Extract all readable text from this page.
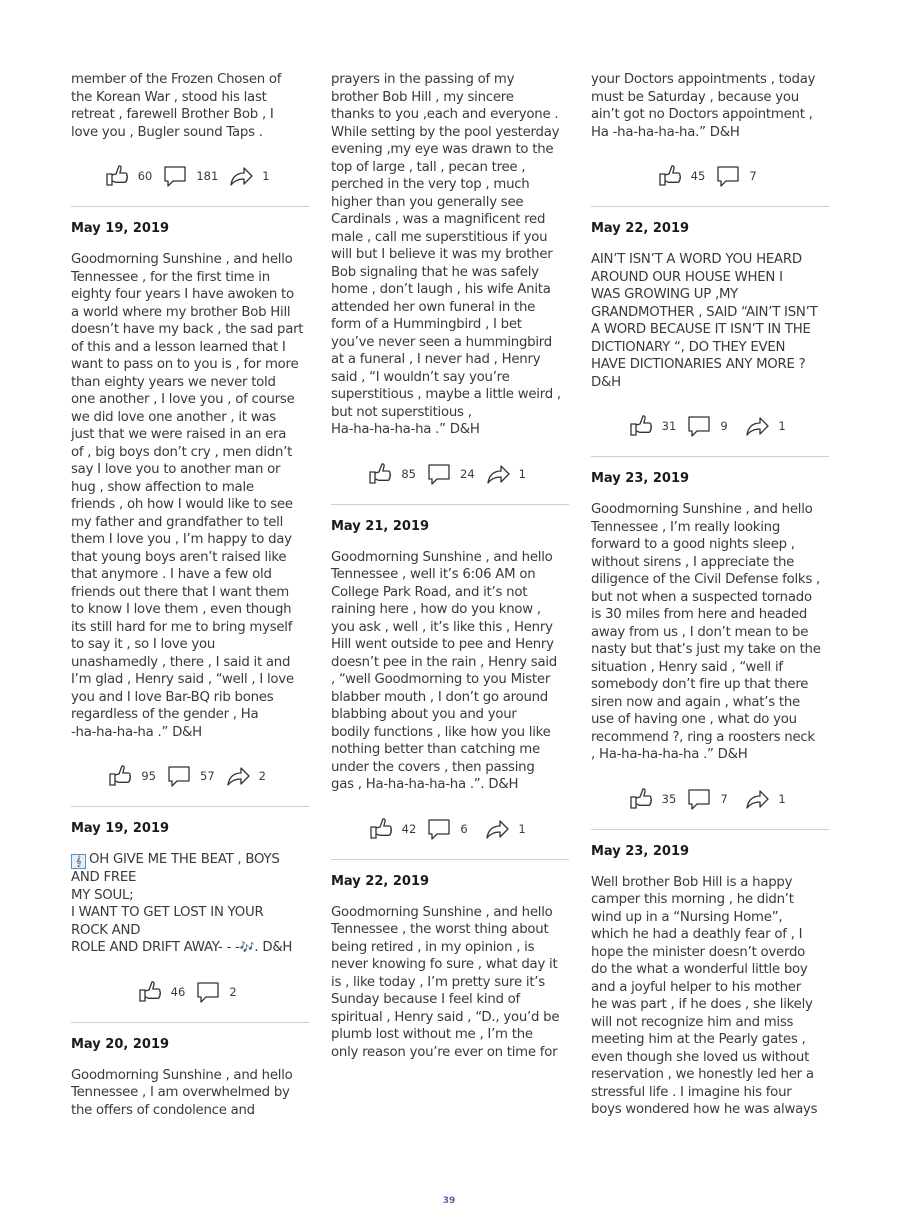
member of the Frozen Chosen of
the Korean War , stood his last
retreat , farewell Brother Bob , I
love you , Bugler sound Taps .
60	181	1
May 19, 2019
Goodmorning Sunshine , and hello
Tennessee , for the first time in
eighty four years I have awoken to
a world where my brother Bob Hill
doesn’t have my back , the sad part
of this and a lesson learned that I
want to pass on to you is , for more
than eighty years we never told
one another , I love you , of course
we did love one another , it was
just that we were raised in an era
of , big boys don’t cry , men didn’t
say I love you to another man or
hug , show affection to male
friends , oh how I would like to see
my father and grandfather to tell
them I love you , I’m happy to day
that young boys aren’t raised like
that anymore . I have a few old
friends out there that I want them
to know I love them , even though
its still hard for me to bring myself
to say it , so I love you
unashamedly , there , I said it and
I’m glad , Henry said , “well , I love
you and I love Bar-BQ rib bones
regardless of the gender , Ha
-ha-ha-ha-ha .” D&H
95	57	2
May 19, 2019
𝄞 OH GIVE ME THE BEAT , BOYS
AND FREE
MY SOUL;
I WANT TO GET LOST IN YOUR
ROCK AND
ROLE AND DRIFT AWAY- - -🎶. D&H
46	2
May 20, 2019
Goodmorning Sunshine , and hello
Tennessee , I am overwhelmed by
the offers of condolence and
prayers in the passing of my
brother Bob Hill , my sincere
thanks to you ,each and everyone .
While setting by the pool yesterday
evening ,my eye was drawn to the
top of large , tall , pecan tree ,
perched in the very top , much
higher than you generally see
Cardinals , was a magnificent red
male , call me superstitious if you
will but I believe it was my brother
Bob signaling that he was safely
home , don’t laugh , his wife Anita
attended her own funeral in the
form of a Hummingbird , I bet
you’ve never seen a hummingbird
at a funeral , I never had , Henry
said , “I wouldn’t say you’re
superstitious , maybe a little weird ,
but not superstitious ,
Ha-ha-ha-ha-ha .” D&H
85	24	1
May 21, 2019
Goodmorning Sunshine , and hello
Tennessee , well it’s 6:06 AM on
College Park Road, and it’s not
raining here , how do you know ,
you ask , well , it’s like this , Henry
Hill went outside to pee and Henry
doesn’t pee in the rain , Henry said
, “well Goodmorning to you Mister
blabber mouth , I don’t go around
blabbing about you and your
bodily functions , like how you like
nothing better than catching me
under the covers , then passing
gas , Ha-ha-ha-ha-ha .”. D&H
42	6	1
May 22, 2019
Goodmorning Sunshine , and hello
Tennessee , the worst thing about
being retired , in my opinion , is
never knowing fo sure , what day it
is , like today , I’m pretty sure it’s
Sunday because I feel kind of
spiritual , Henry said , “D., you’d be
plumb lost without me , I’m the
only reason you’re ever on time for
your Doctors appointments , today
must be Saturday , because you
ain’t got no Doctors appointment ,
Ha -ha-ha-ha-ha.” D&H
45	7
May 22, 2019
AIN’T ISN’T A WORD YOU HEARD
AROUND OUR HOUSE WHEN I
WAS GROWING UP ,MY
GRANDMOTHER , SAID “AIN’T ISN’T
A WORD BECAUSE IT ISN’T IN THE
DICTIONARY “, DO THEY EVEN
HAVE DICTIONARIES ANY MORE ?
D&H
31	9	1
May 23, 2019
Goodmorning Sunshine , and hello
Tennessee , I’m really looking
forward to a good nights sleep ,
without sirens , I appreciate the
diligence of the Civil Defense folks ,
but not when a suspected tornado
is 30 miles from here and headed
away from us , I don’t mean to be
nasty but that’s just my take on the
situation , Henry said , “well if
somebody don’t fire up that there
siren now and again , what’s the
use of having one , what do you
recommend ?, ring a roosters neck
, Ha-ha-ha-ha-ha .” D&H
35	7	1
May 23, 2019
Well brother Bob Hill is a happy
camper this morning , he didn’t
wind up in a “Nursing Home”,
which he had a deathly fear of , I
hope the minister doesn’t overdo
do the what a wonderful little boy
and a joyful helper to his mother
he was part , if he does , she likely
will not recognize him and miss
meeting him at the Pearly gates ,
even though she loved us without
reservation , we honestly led her a
stressful life . I imagine his four
boys wondered how he was always
39
